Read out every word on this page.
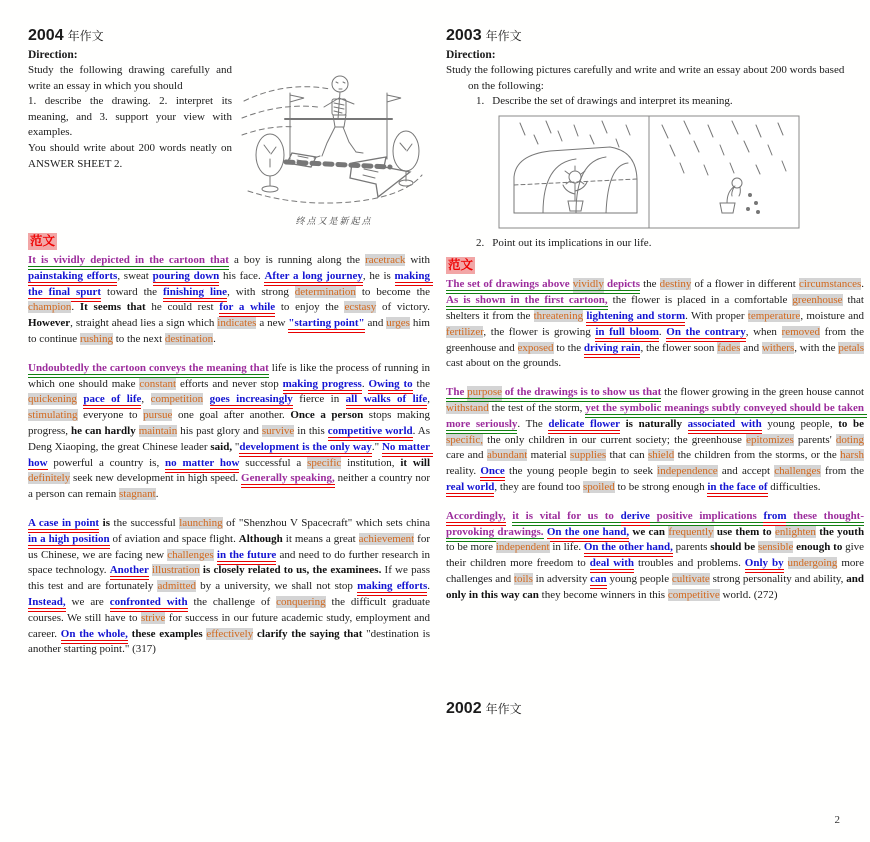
2004 年作文
Direction:
Study the following drawing carefully and write an essay in which you should
1. describe the drawing. 2. interpret its meaning, and 3. support your view with examples.
You should write about 200 words neatly on ANSWER SHEET 2.
终点又是新起点
范文

It is vividly depicted in the cartoon that a boy is running along the racetrack with painstaking efforts, sweat pouring down his face. After a long journey, he is making the final spurt toward the finishing line, with strong determination to become the champion. It seems that he could rest for a while to enjoy the ecstasy of victory. However, straight ahead lies a sign which indicates a new "starting point" and urges him to continue rushing to the next destination.

Undoubtedly the cartoon conveys the meaning that life is like the process of running in which one should make constant efforts and never stop making progress. Owing to the quickening pace of life, competition goes increasingly fierce in all walks of life, stimulating everyone to pursue one goal after another. Once a person stops making progress, he can hardly maintain his past glory and survive in this competitive world. As Deng Xiaoping, the great Chinese leader said, "development is the only way." No matter how powerful a country is, no matter how successful a specific institution, it will definitely seek new development in high speed. Generally speaking, neither a country nor a person can remain stagnant.

A case in point is the successful launching of "Shenzhou V Spacecraft" which sets china in a high position of aviation and space flight. Although it means a great achievement for us Chinese, we are facing new challenges in the future and need to do further research in space technology. Another illustration is closely related to us, the examinees. If we pass this test and are fortunately admitted by a university, we shall not stop making efforts. Instead, we are confronted with the challenge of conquering the difficult graduate courses. We still have to strive for success in our future academic study, employment and career. On the whole, these examples effectively clarify the saying that "destination is another starting point." (317)

2003 年作文
Direction:
Study the following pictures carefully and write and write an essay about 200 words based
on the following:
1. Describe the set of drawings and interpret its meaning.
2. Point out its implications in our life.
范文

The set of drawings above vividly depicts the destiny of a flower in different circumstances. As is shown in the first cartoon, the flower is placed in a comfortable greenhouse that shelters it from the threatening lightening and storm. With proper temperature, moisture and fertilizer, the flower is growing in full bloom. On the contrary, when removed from the greenhouse and exposed to the driving rain, the flower soon fades and withers, with the petals cast about on the grounds.

The purpose of the drawings is to show us that the flower growing in the green house cannot withstand the test of the storm, yet the symbolic meanings subtly conveyed should be taken more seriously. The delicate flower is naturally associated with young people, to be specific, the only children in our current society; the greenhouse epitomizes parents' doting care and abundant material supplies that can shield the children from the storms, or the harsh reality. Once the young people begin to seek independence and accept challenges from the real world, they are found too spoiled to be strong enough in the face of difficulties.

Accordingly, it is vital for us to derive positive implications from these thought-provoking drawings. On the one hand, we can frequently use them to enlighten the youth to be more independent in life. On the other hand, parents should be sensible enough to give their children more freedom to deal with troubles and problems. Only by undergoing more challenges and toils in adversity can young people cultivate strong personality and ability, and only in this way can they become winners in this competitive world. (272)

2002 年作文
2
